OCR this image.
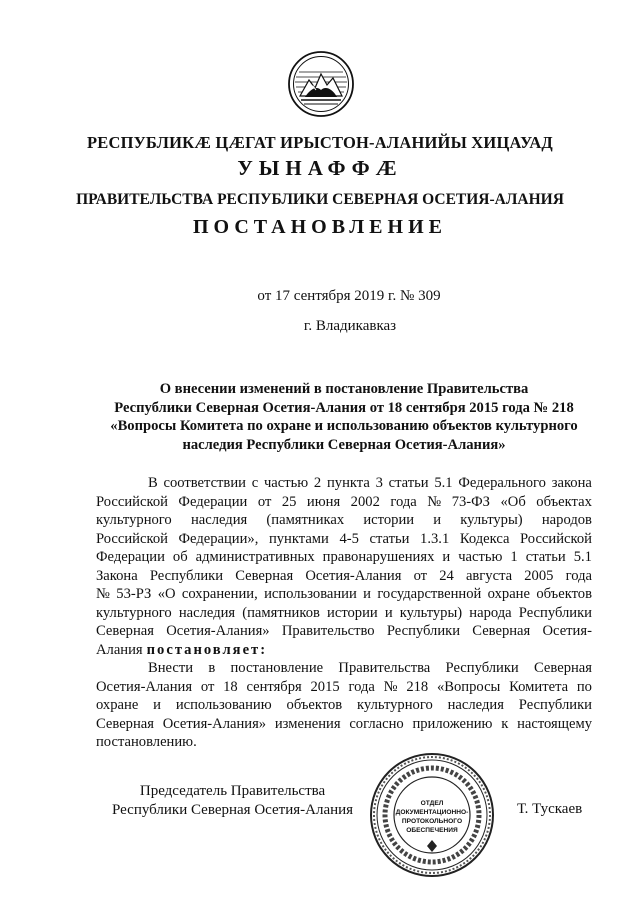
РЕСПУБЛИКӔ ЦӔГАТ ИРЫСТОН-АЛАНИЙЫ ХИЦАУАД
УЫНАФФӔ
ПРАВИТЕЛЬСТВА РЕСПУБЛИКИ СЕВЕРНАЯ ОСЕТИЯ-АЛАНИЯ
ПОСТАНОВЛЕНИЕ
от 17 сентября 2019 г. № 309
г. Владикавказ
О внесении изменений в постановление Правительства
Республики Северная Осетия-Алания от 18 сентября 2015 года № 218
«Вопросы Комитета по охране и использованию объектов культурного
наследия Республики Северная Осетия-Алания»
В соответствии с частью 2 пункта 3 статьи 5.1 Федерального закона
Российской Федерации от 25 июня 2002 года № 73-ФЗ «Об объектах
культурного наследия (памятниках истории и культуры) народов
Российской Федерации», пунктами 4-5 статьи 1.3.1 Кодекса Российской
Федерации об административных правонарушениях и частью 1 статьи 5.1
Закона Республики Северная Осетия-Алания от 24 августа 2005 года
№ 53-РЗ «О сохранении, использовании и государственной охране объектов
культурного наследия (памятников истории и культуры) народа Республики
Северная Осетия-Алания» Правительство Республики Северная Осетия-
Алания постановляет:
Внести в постановление Правительства Республики Северная
Осетия-Алания от 18 сентября 2015 года № 218 «Вопросы Комитета по
охране и использованию объектов культурного наследия Республики
Северная Осетия-Алания» изменения согласно приложению к настоящему
постановлению.
Председатель Правительства
Республики Северная Осетия-Алания	ОТДЕЛ
ДОКУМЕНТАЦИОННО-
ПРОТОКОЛЬНОГО
ОБЕСПЕЧЕНИЯ
Т. Тускаев
